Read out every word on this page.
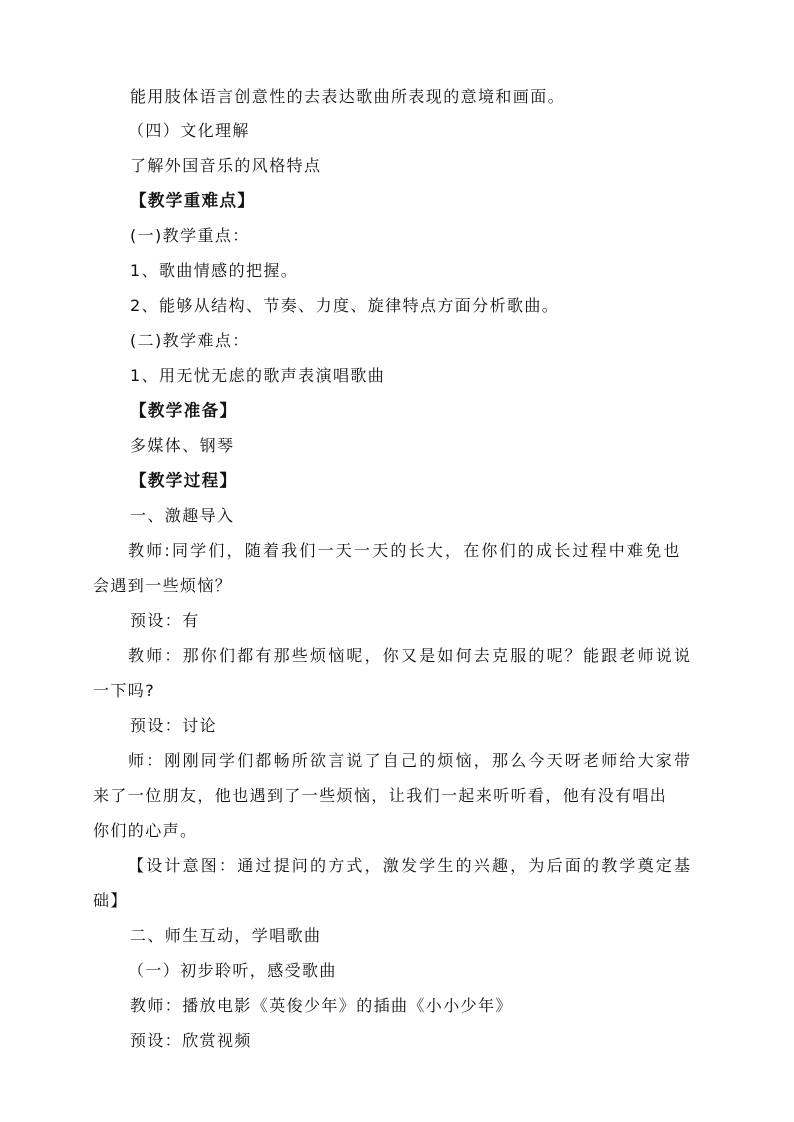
能用肢体语言创意性的去表达歌曲所表现的意境和画面。
（四）文化理解
了解外国音乐的风格特点
【教学重难点】
(一)教学重点：
1、歌曲情感的把握。
2、能够从结构、节奏、力度、旋律特点方面分析歌曲。
(二)教学难点：
1、用无忧无虑的歌声表演唱歌曲
【教学准备】
多媒体、钢琴
【教学过程】
一、激趣导入
教师:同学们，随着我们一天一天的长大，在你们的成长过程中难免也
会遇到一些烦恼？
预设：有
教师：那你们都有那些烦恼呢，你又是如何去克服的呢？能跟老师说说
一下吗?
预设：讨论
师：刚刚同学们都畅所欲言说了自己的烦恼，那么今天呀老师给大家带
来了一位朋友，他也遇到了一些烦恼，让我们一起来听听看，他有没有唱出
你们的心声。
【设计意图：通过提问的方式，激发学生的兴趣，为后面的教学奠定基
础】
二、师生互动，学唱歌曲
（一）初步聆听，感受歌曲
教师：播放电影《英俊少年》的插曲《小小少年》
预设：欣赏视频
